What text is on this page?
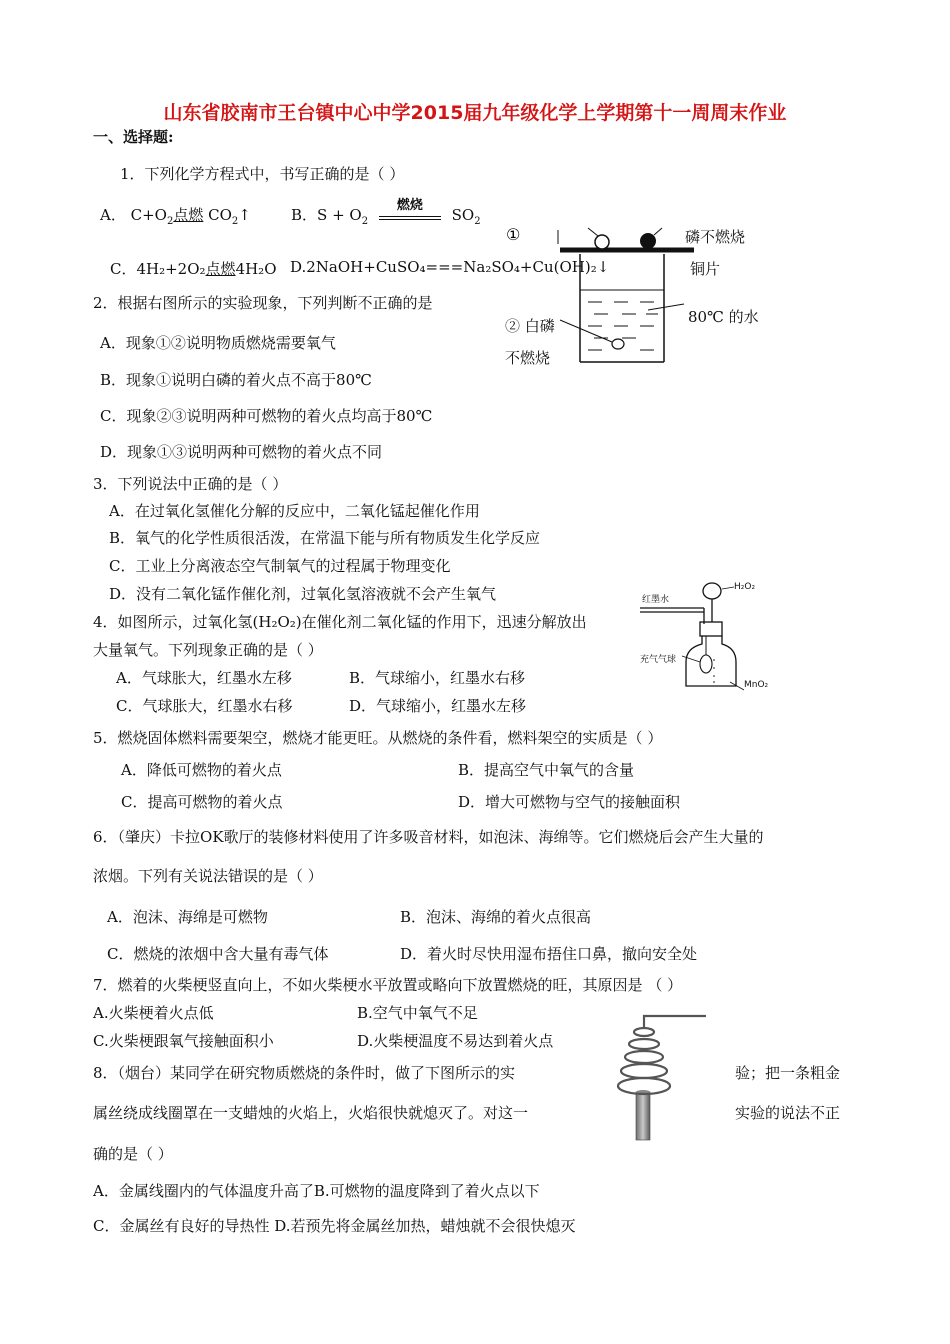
山东省胶南市王台镇中心中学2015届九年级化学上学期第十一周周末作业
一、选择题:
1．下列化学方程式中，书写正确的是（ ）
A． $C+O_2$点燃 $CO_2↑$	B．$S + O_2$
燃烧
$SO_2$
C．4H₂+2O₂点燃4H₂O D.2NaOH+CuSO₄===Na₂SO₄+Cu(OH)₂↓
2．根据右图所示的实验现象，下列判断不正确的是
A．现象①②说明物质燃烧需要氧气
B．现象①说明白磷的着火点不高于80℃
C．现象②③说明两种可燃物的着火点均高于80℃
D．现象①③说明两种可燃物的着火点不同
①	磷不燃烧
铜片
80℃ 的水
② 白磷
不燃烧
3．下列说法中正确的是（ ）
A．在过氧化氢催化分解的反应中，二氧化锰起催化作用
B．氧气的化学性质很活泼，在常温下能与所有物质发生化学反应
C．工业上分离液态空气制氧气的过程属于物理变化
D．没有二氧化锰作催化剂，过氧化氢溶液就不会产生氧气
4．如图所示，过氧化氢(H₂O₂)在催化剂二氧化锰的作用下，迅速分解放出
大量氧气。下列现象正确的是（ ）
A．气球胀大，红墨水左移	B．气球缩小，红墨水右移
C．气球胀大，红墨水右移	D．气球缩小，红墨水左移
H₂O₂
红墨水
充气气球
MnO₂
5．燃烧固体燃料需要架空，燃烧才能更旺。从燃烧的条件看，燃料架空的实质是（ ）
A．降低可燃物的着火点	B．提高空气中氧气的含量
C．提高可燃物的着火点	D．增大可燃物与空气的接触面积
6．（肇庆）卡拉OK歌厅的装修材料使用了许多吸音材料，如泡沫、海绵等。它们燃烧后会产生大量的
浓烟。下列有关说法错误的是（ ）
A．泡沫、海绵是可燃物	B．泡沫、海绵的着火点很高
C．燃烧的浓烟中含大量有毒气体	D．着火时尽快用湿布捂住口鼻，撤向安全处
7．燃着的火柴梗竖直向上，不如火柴梗水平放置或略向下放置燃烧的旺，其原因是 （ ）
A.火柴梗着火点低	B.空气中氧气不足
C.火柴梗跟氧气接触面积小	D.火柴梗温度不易达到着火点
8．（烟台）某同学在研究物质燃烧的条件时，做了下图所示的实	验；把一条粗金
属丝绕成线圈罩在一支蜡烛的火焰上，火焰很快就熄灭了。对这一	实验的说法不正
确的是（ ）
A．金属线圈内的气体温度升高了B.可燃物的温度降到了着火点以下
C．金属丝有良好的导热性 D.若预先将金属丝加热，蜡烛就不会很快熄灭
